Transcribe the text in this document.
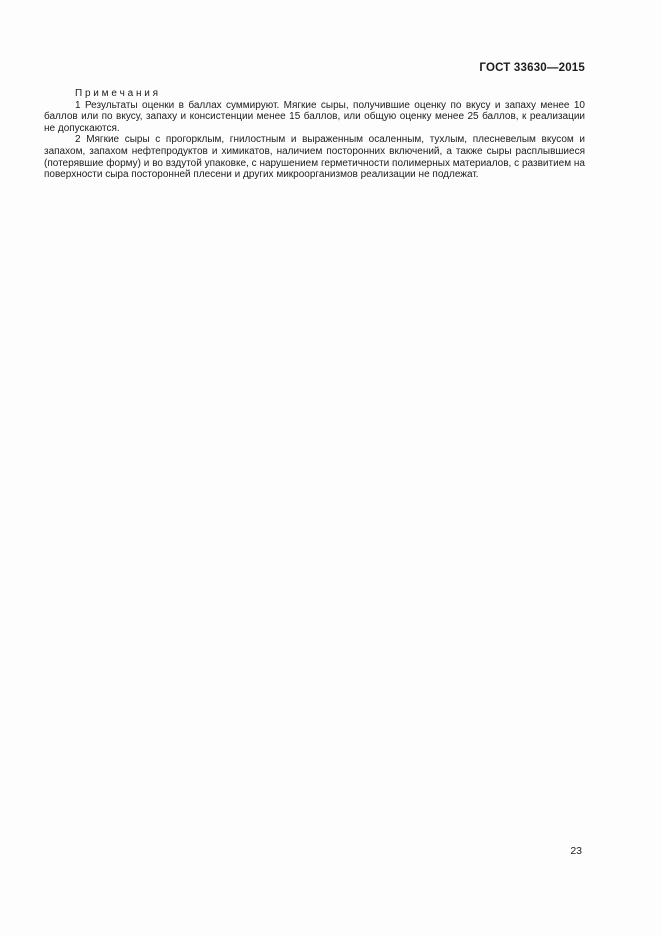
ГОСТ 33630—2015
П р и м е ч а н и я

1 Результаты оценки в баллах суммируют. Мягкие сыры, получившие оценку по вкусу и запаху менее 10 баллов или по вкусу, запаху и консистенции менее 15 баллов, или общую оценку менее 25 баллов, к реализации не допускаются.

2 Мягкие сыры с прогорклым, гнилостным и выраженным осаленным, тухлым, плесневелым вкусом и запахом, запахом нефтепродуктов и химикатов, наличием посторонних включений, а также сыры расплывшиеся (потерявшие форму) и во вздутой упаковке, с нарушением герметичности полимерных материалов, с развитием на поверхности сыра посторонней плесени и других микроорганизмов реализации не подлежат.

23
